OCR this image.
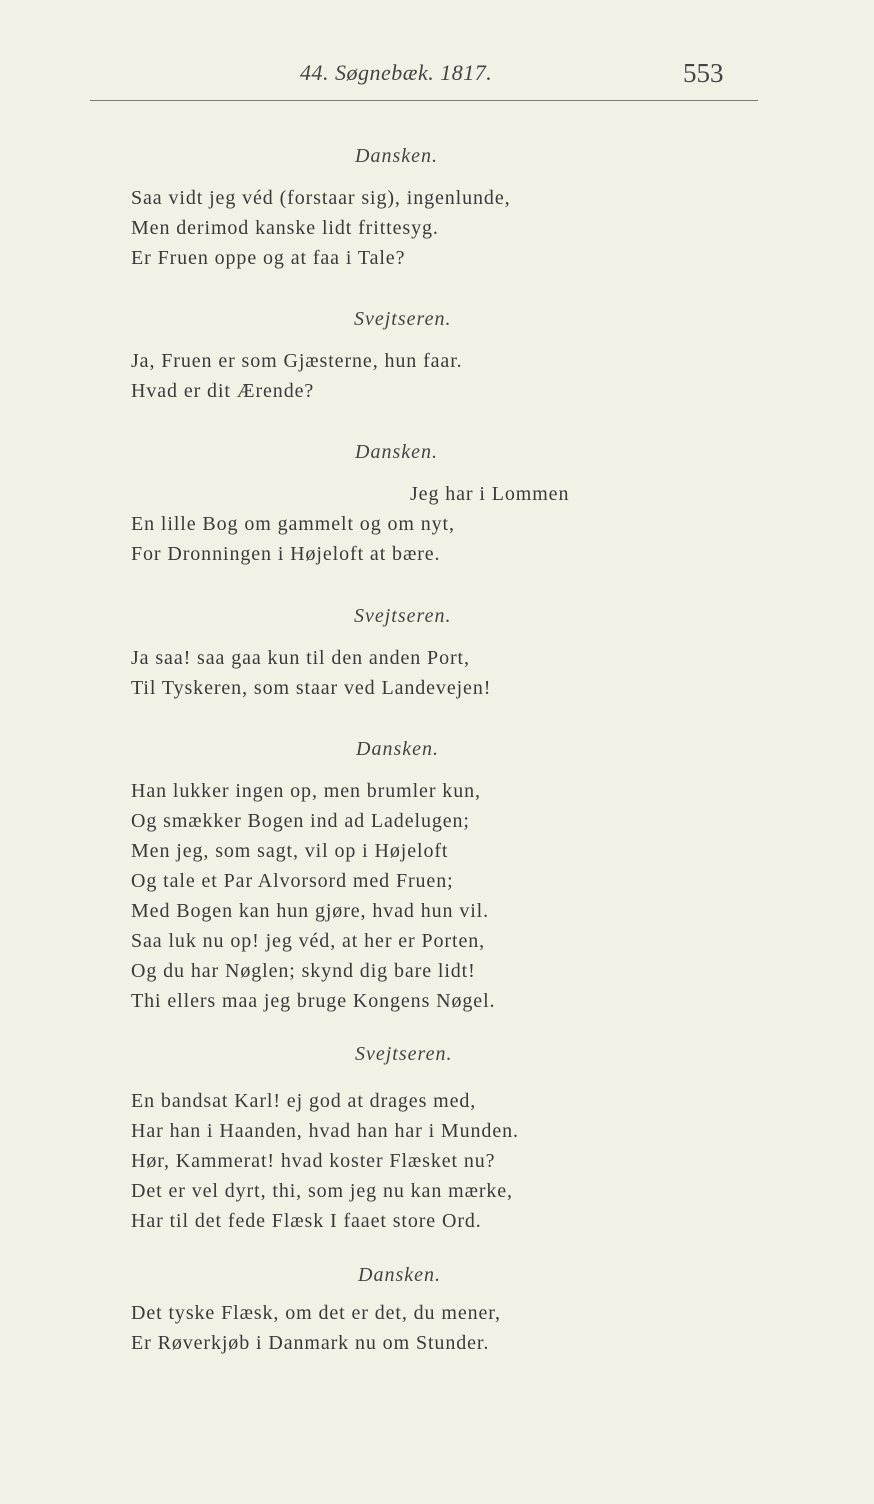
44. Søgnebæk. 1817.	553
Dansken.
Saa vidt jeg véd (forstaar sig), ingenlunde,
Men derimod kanske lidt frittesyg.
Er Fruen oppe og at faa i Tale?
Svejtseren.
Ja, Fruen er som Gjæsterne, hun faar.
Hvad er dit Ærende?
Dansken.
Jeg har i Lommen
En lille Bog om gammelt og om nyt,
For Dronningen i Højeloft at bære.
Svejtseren.
Ja saa! saa gaa kun til den anden Port,
Til Tyskeren, som staar ved Landevejen!
Dansken.
Han lukker ingen op, men brumler kun,
Og smækker Bogen ind ad Ladelugen;
Men jeg, som sagt, vil op i Højeloft
Og tale et Par Alvorsord med Fruen;
Med Bogen kan hun gjøre, hvad hun vil.
Saa luk nu op! jeg véd, at her er Porten,
Og du har Nøglen; skynd dig bare lidt!
Thi ellers maa jeg bruge Kongens Nøgel.
Svejtseren.
En bandsat Karl! ej god at drages med,
Har han i Haanden, hvad han har i Munden.
Hør, Kammerat! hvad koster Flæsket nu?
Det er vel dyrt, thi, som jeg nu kan mærke,
Har til det fede Flæsk I faaet store Ord.
Dansken.
Det tyske Flæsk, om det er det, du mener,
Er Røverkjøb i Danmark nu om Stunder.
